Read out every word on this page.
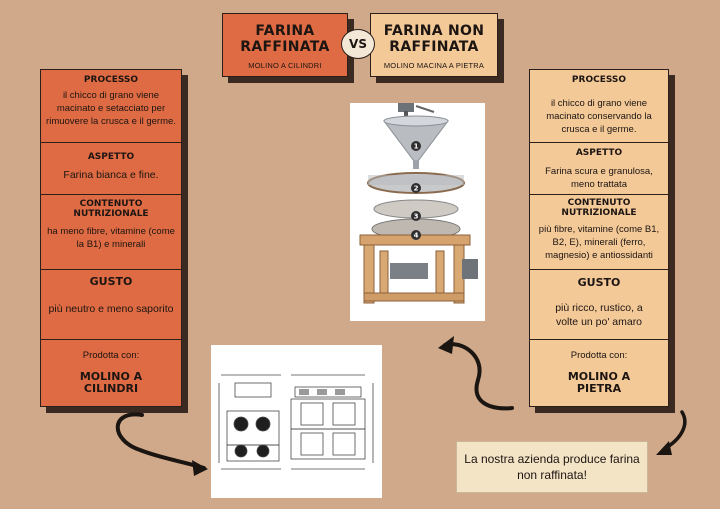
FARINA RAFFINATA
MOLINO A CILINDRI
FARINA NON RAFFINATA
MOLINO MACINA A PIETRA
VS
PROCESSO
il chicco di grano viene macinato e setacciato per rimuovere la crusca e il germe.
ASPETTO
Farina bianca e fine.
CONTENUTO NUTRIZIONALE
ha meno fibre, vitamine (come la B1) e minerali
GUSTO
più neutro e meno saporito
Prodotta con:
MOLINO A CILINDRI
PROCESSO
il chicco di grano viene macinato conservando la crusca e il germe.
ASPETTO
Farina scura e granulosa, meno trattata
CONTENUTO NUTRIZIONALE
più fibre, vitamine (come B1, B2, E), minerali (ferro, magnesio) e antiossidanti
GUSTO
più ricco, rustico, a volte un po' amaro
Prodotta con:
MOLINO A PIETRA
1
2
3
4
La nostra azienda produce farina non raffinata!
